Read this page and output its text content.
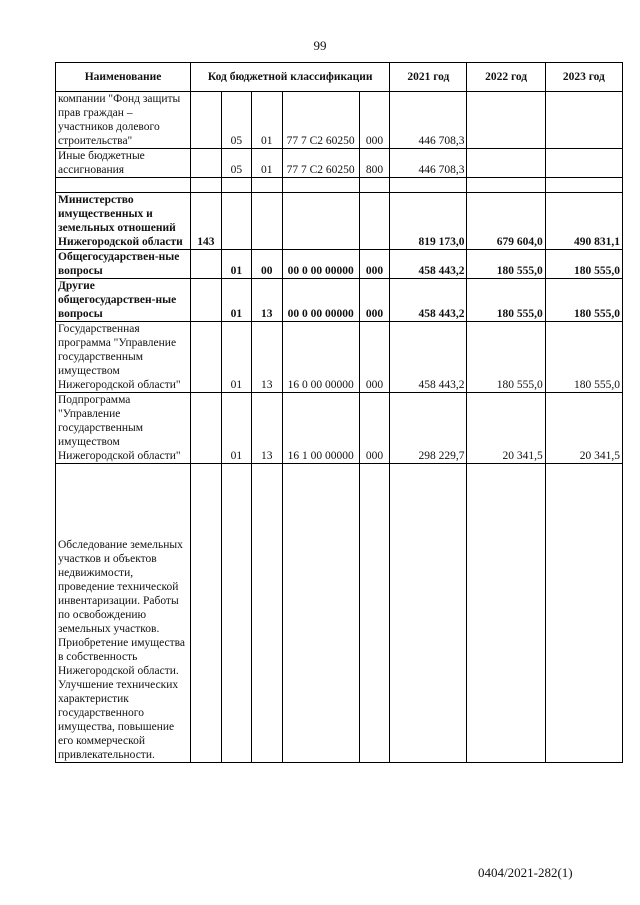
99
Наименование	Код бюджетной классификации					2021 год	2022 год	2023 год
компании "Фонд защиты прав граждан – участников долевого строительства"		05	01	77 7 С2 60250	000	446 708,3		
Иные бюджетные ассигнования		05	01	77 7 С2 60250	800	446 708,3		

Министерство имущественных и земельных отношений Нижегородской области	143					819 173,0	679 604,0	490 831,1
Общегосударствен-ные вопросы		01	00	00 0 00 00000	000	458 443,2	180 555,0	180 555,0
Другие общегосударствен-ные вопросы		01	13	00 0 00 00000	000	458 443,2	180 555,0	180 555,0
Государственная программа "Управление государственным имуществом Нижегородской области"		01	13	16 0 00 00000	000	458 443,2	180 555,0	180 555,0
Подпрограмма "Управление государственным имуществом Нижегородской области"		01	13	16 1 00 00000	000	298 229,7	20 341,5	20 341,5
Обследование земельных участков и объектов недвижимости, проведение технической инвентаризации. Работы по освобождению земельных участков. Приобретение имущества в собственность Нижегородской области. Улучшение технических характеристик государственного имущества, повышение его коммерческой привлекательности.								
0404/2021-282(1)
